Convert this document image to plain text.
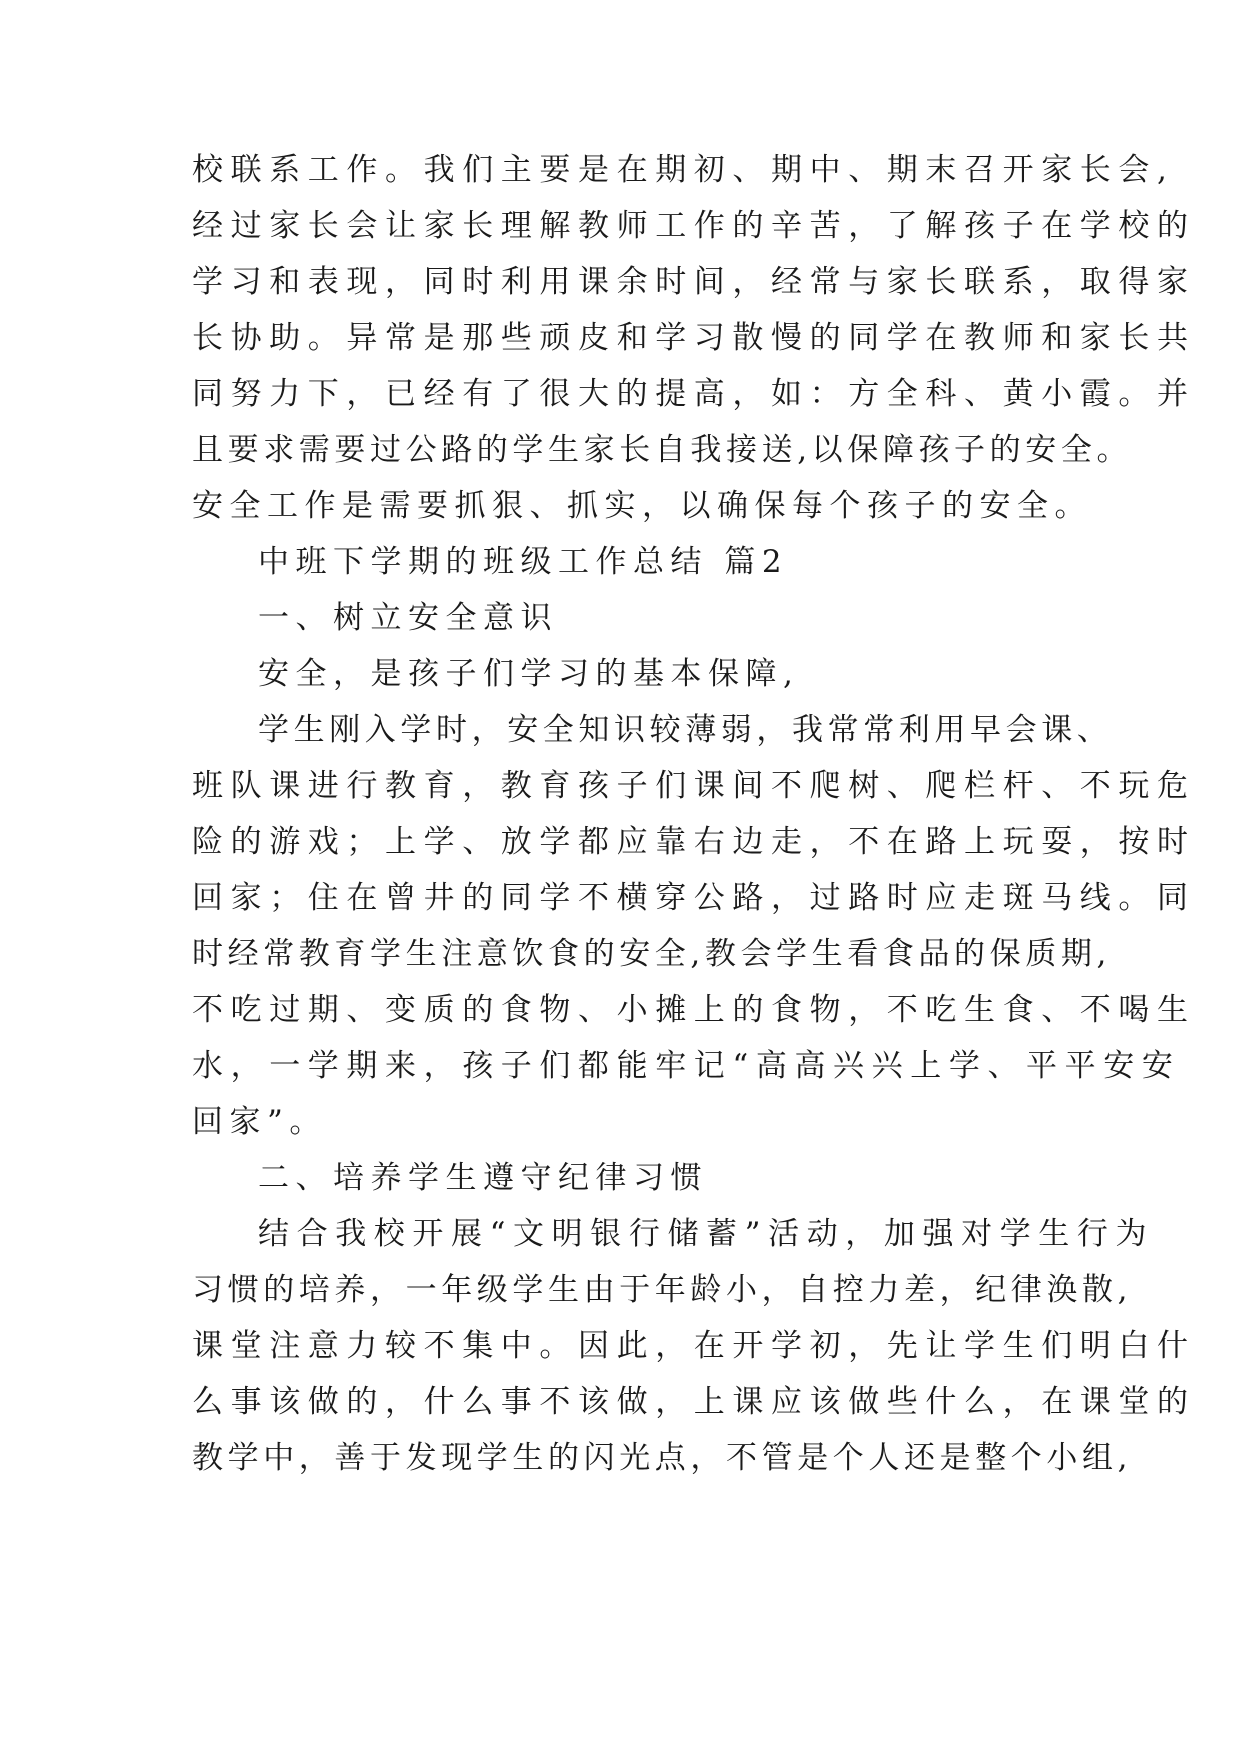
校联系工作。我们主要是在期初、期中、期末召开家长会,
经过家长会让家长理解教师工作的辛苦，了解孩子在学校的
学习和表现，同时利用课余时间，经常与家长联系，取得家
长协助。异常是那些顽皮和学习散慢的同学在教师和家长共
同努力下，已经有了很大的提高，如：方全科、黄小霞。并
且要求需要过公路的学生家长自我接送,以保障孩子的安全。
安全工作是需要抓狠、抓实，以确保每个孩子的安全。
中班下学期的班级工作总结 篇2
一、树立安全意识
安全，是孩子们学习的基本保障,
学生刚入学时，安全知识较薄弱，我常常利用早会课、
班队课进行教育，教育孩子们课间不爬树、爬栏杆、不玩危
险的游戏；上学、放学都应靠右边走，不在路上玩耍，按时
回家；住在曾井的同学不横穿公路，过路时应走斑马线。同
时经常教育学生注意饮食的安全,教会学生看食品的保质期,
不吃过期、变质的食物、小摊上的食物，不吃生食、不喝生
水，一学期来，孩子们都能牢记“高高兴兴上学、平平安安
回家”。
二、培养学生遵守纪律习惯
结合我校开展“文明银行储蓄”活动，加强对学生行为
习惯的培养，一年级学生由于年龄小，自控力差，纪律涣散,
课堂注意力较不集中。因此，在开学初，先让学生们明白什
么事该做的，什么事不该做，上课应该做些什么，在课堂的
教学中，善于发现学生的闪光点，不管是个人还是整个小组,
